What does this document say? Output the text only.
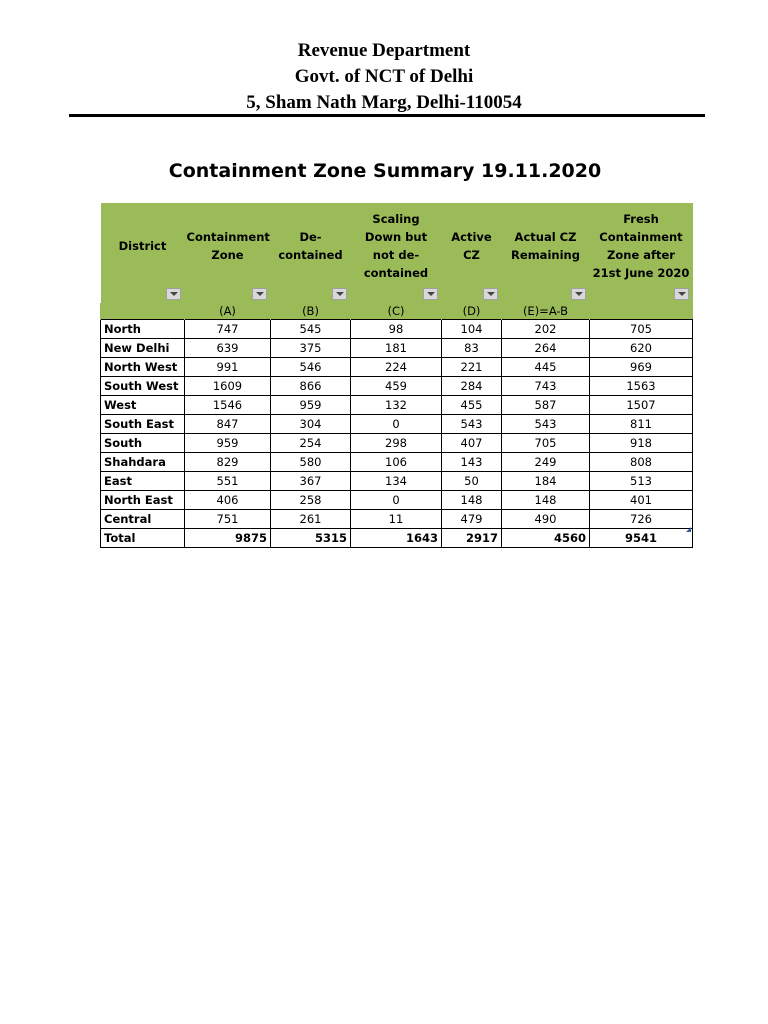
Revenue Department
Govt. of NCT of Delhi
5, Sham Nath Marg, Delhi-110054
Containment Zone Summary 19.11.2020
District	Containment Zone	De-contained	Scaling Down but not de-contained	Active CZ	Actual CZ Remaining	Fresh Containment Zone after 21st June 2020

	(A)	(B)	(C)	(D)	(E)=A-B	
North	747	545	98	104	202	705
New Delhi	639	375	181	83	264	620
North West	991	546	224	221	445	969
South West	1609	866	459	284	743	1563
West	1546	959	132	455	587	1507
South East	847	304	0	543	543	811
South	959	254	298	407	705	918
Shahdara	829	580	106	143	249	808
East	551	367	134	50	184	513
North East	406	258	0	148	148	401
Central	751	261	11	479	490	726
Total	9875	5315	1643	2917	4560	9541
